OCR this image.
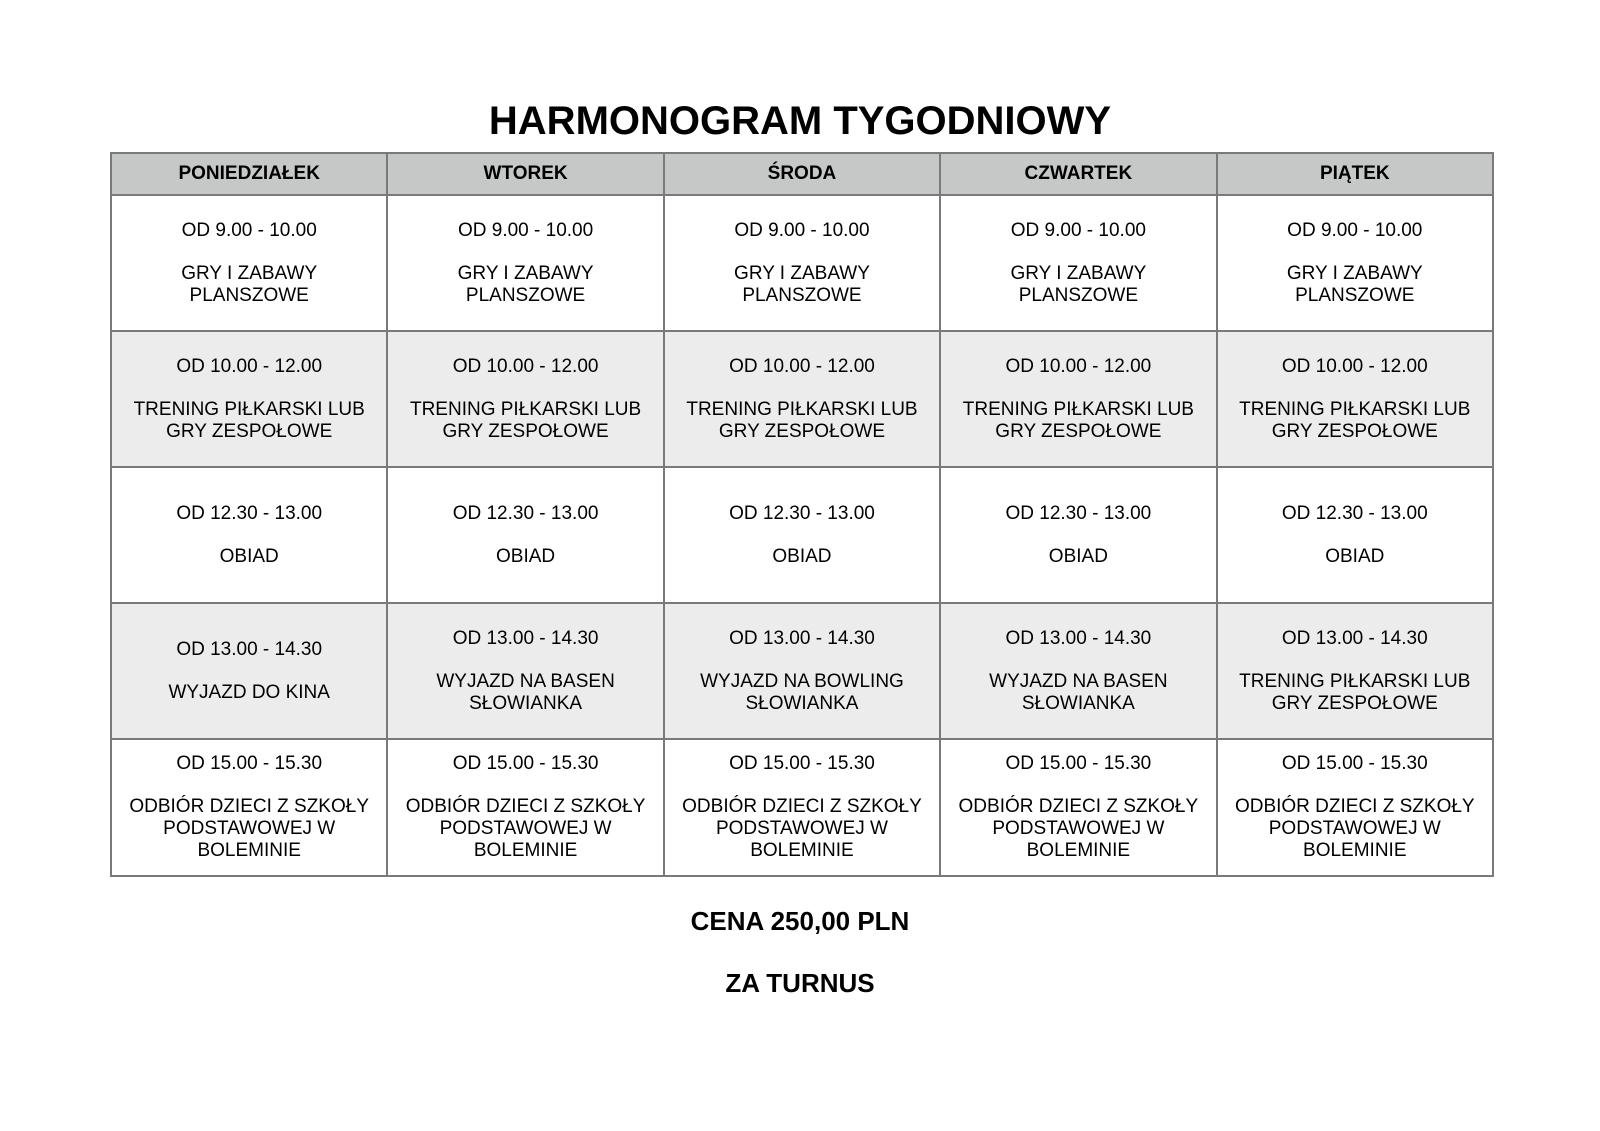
HARMONOGRAM TYGODNIOWY
PONIEDZIAŁEK	WTOREK	ŚRODA	CZWARTEK	PIĄTEK

OD 9.00 - 10.00
GRY I ZABAWY
PLANSZOWE	OD 9.00 - 10.00
GRY I ZABAWY
PLANSZOWE	OD 9.00 - 10.00
GRY I ZABAWY
PLANSZOWE	OD 9.00 - 10.00
GRY I ZABAWY
PLANSZOWE	OD 9.00 - 10.00
GRY I ZABAWY
PLANSZOWE

OD 10.00 - 12.00
TRENING PIŁKARSKI LUB
GRY ZESPOŁOWE	OD 10.00 - 12.00
TRENING PIŁKARSKI LUB
GRY ZESPOŁOWE	OD 10.00 - 12.00
TRENING PIŁKARSKI LUB
GRY ZESPOŁOWE	OD 10.00 - 12.00
TRENING PIŁKARSKI LUB
GRY ZESPOŁOWE	OD 10.00 - 12.00
TRENING PIŁKARSKI LUB
GRY ZESPOŁOWE

OD 12.30 - 13.00
OBIAD	OD 12.30 - 13.00
OBIAD	OD 12.30 - 13.00
OBIAD	OD 12.30 - 13.00
OBIAD	OD 12.30 - 13.00
OBIAD

OD 13.00 - 14.30
WYJAZD DO KINA	OD 13.00 - 14.30
WYJAZD NA BASEN
SŁOWIANKA	OD 13.00 - 14.30
WYJAZD NA BOWLING
SŁOWIANKA	OD 13.00 - 14.30
WYJAZD NA BASEN
SŁOWIANKA	OD 13.00 - 14.30
TRENING PIŁKARSKI LUB
GRY ZESPOŁOWE

OD 15.00 - 15.30
ODBIÓR DZIECI Z SZKOŁY
PODSTAWOWEJ W
BOLEMINIE	OD 15.00 - 15.30
ODBIÓR DZIECI Z SZKOŁY
PODSTAWOWEJ W
BOLEMINIE	OD 15.00 - 15.30
ODBIÓR DZIECI Z SZKOŁY
PODSTAWOWEJ W
BOLEMINIE	OD 15.00 - 15.30
ODBIÓR DZIECI Z SZKOŁY
PODSTAWOWEJ W
BOLEMINIE	OD 15.00 - 15.30
ODBIÓR DZIECI Z SZKOŁY
PODSTAWOWEJ W
BOLEMINIE

CENA 250,00 PLN

ZA TURNUS
